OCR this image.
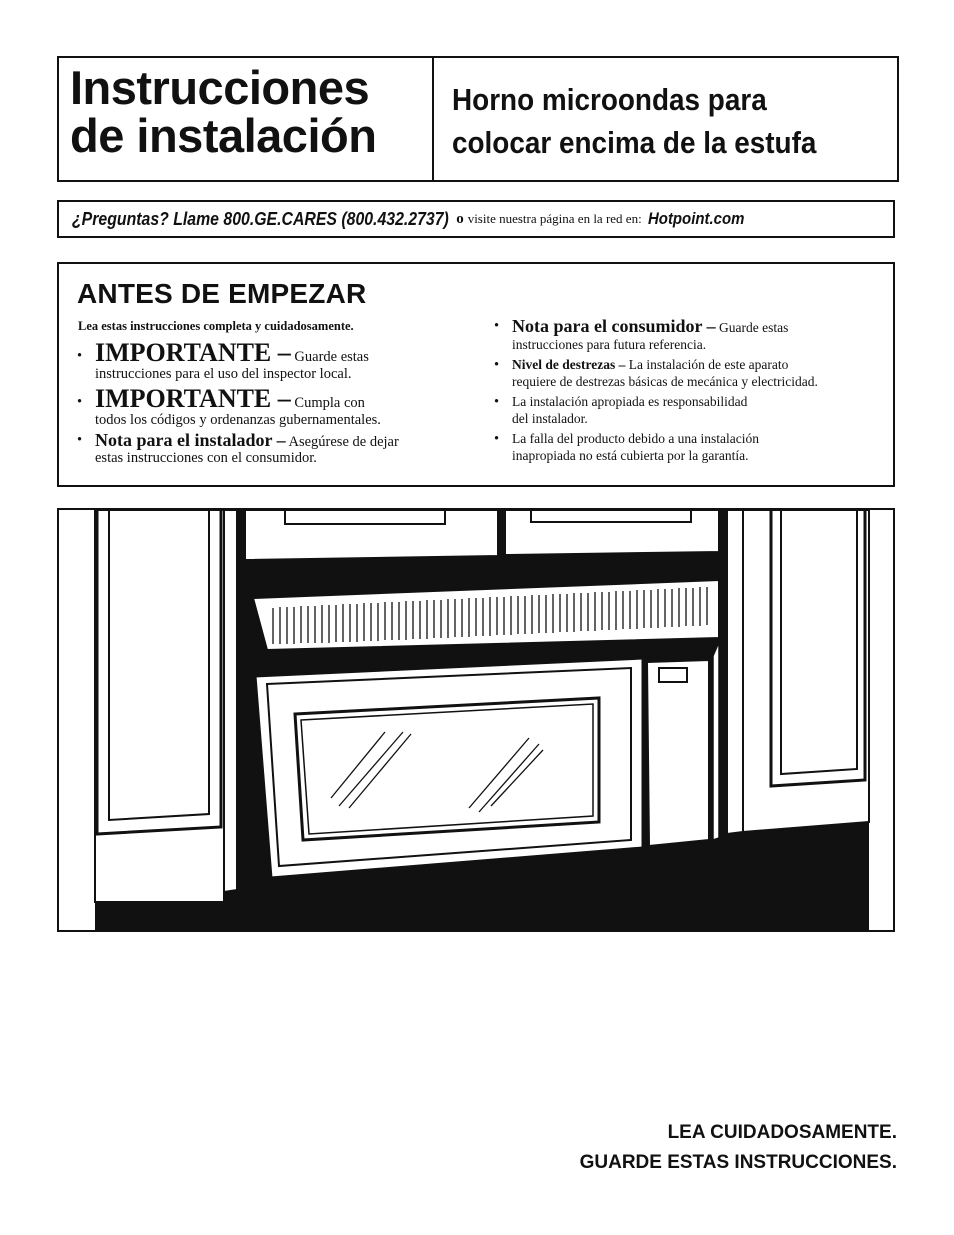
Instrucciones
de instalación
Horno microondas para
colocar encima de la estufa
¿Preguntas? Llame 800.GE.CARES (800.432.2737) o visite nuestra página en la red en: Hotpoint.com
ANTES DE EMPEZAR
Lea estas instrucciones completa y cuidadosamente.
• IMPORTANTE – Guarde estas
instrucciones para el uso del inspector local.
• IMPORTANTE – Cumpla con
todos los códigos y ordenanzas gubernamentales.
• Nota para el instalador – Asegúrese de dejar
estas instrucciones con el consumidor.
• Nota para el consumidor – Guarde estas
instrucciones para futura referencia.
• Nivel de destrezas – La instalación de este aparato
requiere de destrezas básicas de mecánica y electricidad.
• La instalación apropiada es responsabilidad
del instalador.
• La falla del producto debido a una instalación
inapropiada no está cubierta por la garantía.
LEA CUIDADOSAMENTE.
GUARDE ESTAS INSTRUCCIONES.
